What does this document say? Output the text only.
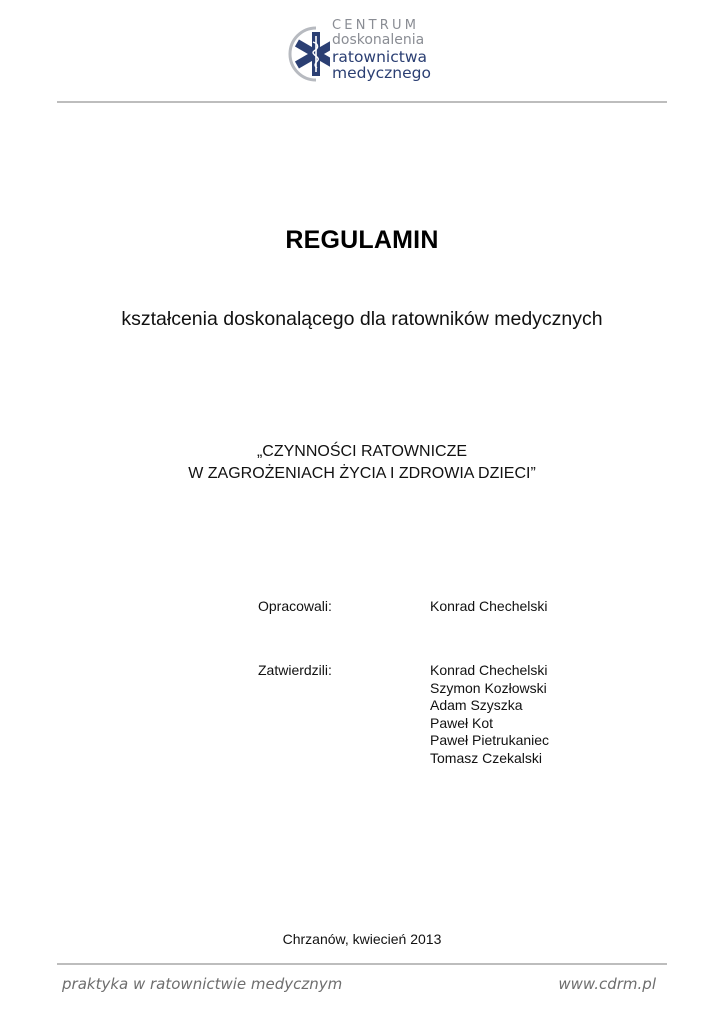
CENTRUM
doskonalenia
ratownictwa
medycznego
REGULAMIN
kształcenia doskonalącego dla ratowników medycznych
„CZYNNOŚCI RATOWNICZE
W ZAGROŻENIACH ŻYCIA I ZDROWIA DZIECI”
Opracowali:	Konrad Chechelski
Zatwierdzili:	Konrad Chechelski
Szymon Kozłowski
Adam Szyszka
Paweł Kot
Paweł Pietrukaniec
Tomasz Czekalski
Chrzanów, kwiecień 2013
praktyka w ratownictwie medycznym	www.cdrm.pl
